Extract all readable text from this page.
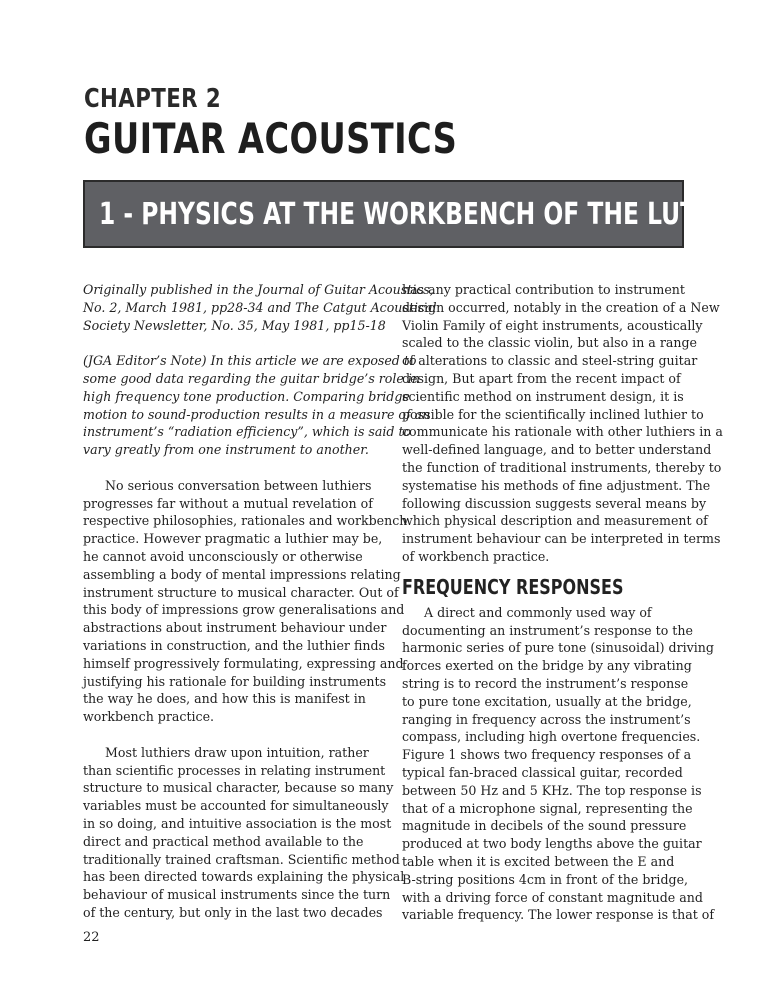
CHAPTER 2
GUITAR ACOUSTICS
1 - PHYSICS AT THE WORKBENCH OF THE LUTHIER
Originally published in the Journal of Guitar Acoustics,
No. 2, March 1981, pp28-34 and The Catgut Acoustical
Society Newsletter, No. 35, May 1981, pp15-18
(JGA Editor’s Note) In this article we are exposed to
some good data regarding the guitar bridge’s role in
high frequency tone production. Comparing bridge
motion to sound-production results in a measure of an
instrument’s “radiation efficiency”, which is said to
vary greatly from one instrument to another.
No serious conversation between luthiers
progresses far without a mutual revelation of
respective philosophies, rationales and workbench
practice. However pragmatic a luthier may be,
he cannot avoid unconsciously or otherwise
assembling a body of mental impressions relating
instrument structure to musical character. Out of
this body of impressions grow generalisations and
abstractions about instrument behaviour under
variations in construction, and the luthier finds
himself progressively formulating, expressing and
justifying his rationale for building instruments
the way he does, and how this is manifest in
workbench practice.
Most luthiers draw upon intuition, rather
than scientific processes in relating instrument
structure to musical character, because so many
variables must be accounted for simultaneously
in so doing, and intuitive association is the most
direct and practical method available to the
traditionally trained craftsman. Scientific method
has been directed towards explaining the physical
behaviour of musical instruments since the turn
of the century, but only in the last two decades
has any practical contribution to instrument
design occurred, notably in the creation of a New
Violin Family of eight instruments, acoustically
scaled to the classic violin, but also in a range
of alterations to classic and steel-string guitar
design, But apart from the recent impact of
scientific method on instrument design, it is
possible for the scientifically inclined luthier to
communicate his rationale with other luthiers in a
well-defined language, and to better understand
the function of traditional instruments, thereby to
systematise his methods of fine adjustment. The
following discussion suggests several means by
which physical description and measurement of
instrument behaviour can be interpreted in terms
of workbench practice.
FREQUENCY RESPONSES
A direct and commonly used way of
documenting an instrument’s response to the
harmonic series of pure tone (sinusoidal) driving
forces exerted on the bridge by any vibrating
string is to record the instrument’s response
to pure tone excitation, usually at the bridge,
ranging in frequency across the instrument’s
compass, including high overtone frequencies.
Figure 1 shows two frequency responses of a
typical fan-braced classical guitar, recorded
between 50 Hz and 5 KHz. The top response is
that of a microphone signal, representing the
magnitude in decibels of the sound pressure
produced at two body lengths above the guitar
table when it is excited between the E and
B-string positions 4cm in front of the bridge,
with a driving force of constant magnitude and
variable frequency. The lower response is that of
22
